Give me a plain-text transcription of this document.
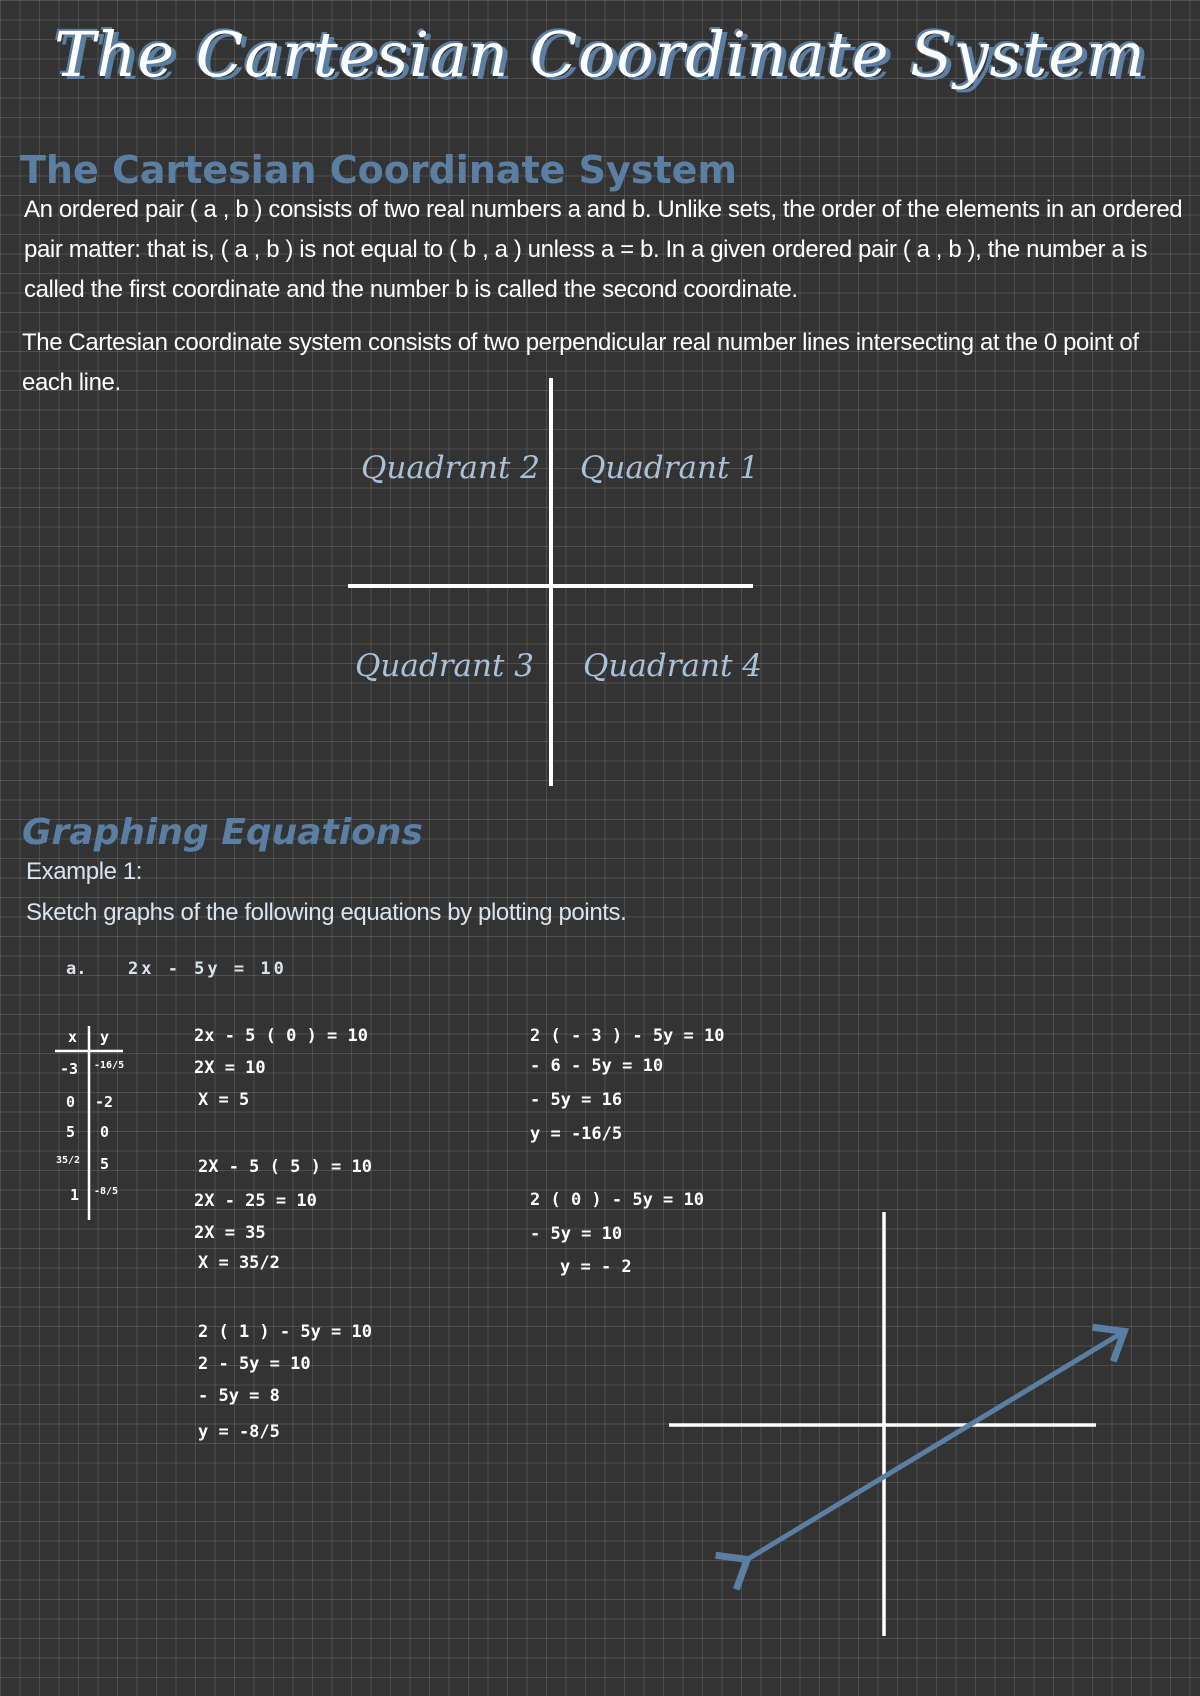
The Cartesian Coordinate System
The Cartesian Coordinate System
An ordered pair ( a , b ) consists of two real numbers a and b. Unlike sets, the order of the elements in an ordered
pair matter: that is, ( a , b ) is not equal to ( b , a ) unless a = b. In a given ordered pair ( a , b ), the number a is
called the first coordinate and the number b is called the second coordinate.
The Cartesian coordinate system consists of two perpendicular real number lines intersecting at the 0 point of
each line.
Quadrant 1
Quadrant 2
Quadrant 3 Quadrant 4
Graphing Equations
Example 1:
Sketch graphs of the following equations by plotting points.
a. 2x - 5y = 10
x y
-3 -16/5
0 -2
5 0
35/2 5
1 -8/5
2x - 5 ( 0 ) = 10
2X = 10
X = 5
2X - 5 ( 5 ) = 10
2X - 25 = 10
2X = 35
X = 35/2
2 ( 1 ) - 5y = 10
2 - 5y = 10
- 5y = 8
y = -8/5
2 ( - 3 ) - 5y = 10
- 6 - 5y = 10
- 5y = 16
y = -16/5
2 ( 0 ) - 5y = 10
- 5y = 10
y = - 2
